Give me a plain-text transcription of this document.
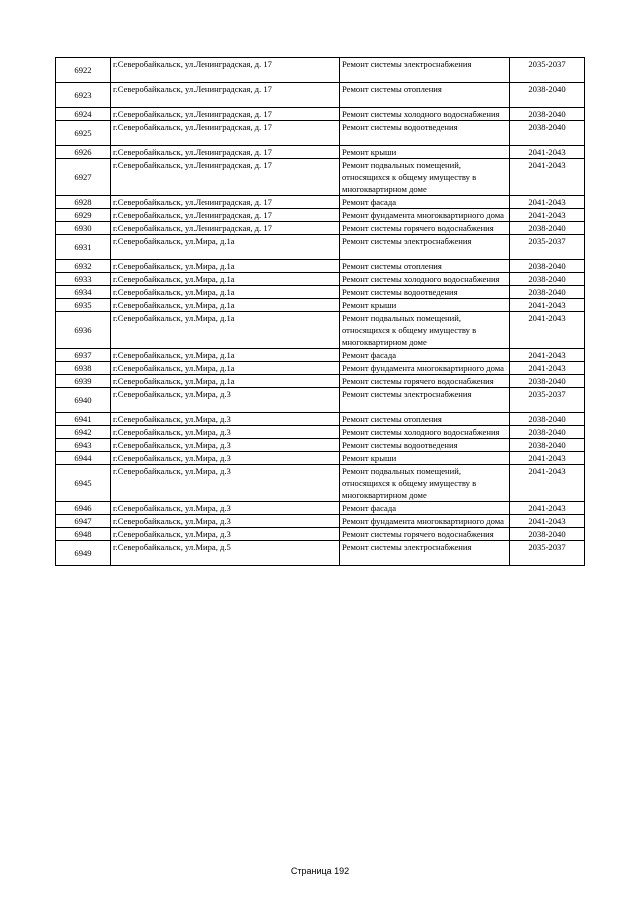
6922	г.Северобайкальск, ул.Ленинградская, д. 17	Ремонт системы электроснабжения	2035-2037
6923	г.Северобайкальск, ул.Ленинградская, д. 17	Ремонт системы отопления	2038-2040
6924	г.Северобайкальск, ул.Ленинградская, д. 17	Ремонт системы холодного водоснабжения	2038-2040
6925	г.Северобайкальск, ул.Ленинградская, д. 17	Ремонт системы водоотведения	2038-2040
6926	г.Северобайкальск, ул.Ленинградская, д. 17	Ремонт крыши	2041-2043
6927	г.Северобайкальск, ул.Ленинградская, д. 17	Ремонт подвальных помещений, относящихся к общему имуществу в многоквартирном доме	2041-2043
6928	г.Северобайкальск, ул.Ленинградская, д. 17	Ремонт фасада	2041-2043
6929	г.Северобайкальск, ул.Ленинградская, д. 17	Ремонт фундамента многоквартирного дома	2041-2043
6930	г.Северобайкальск, ул.Ленинградская, д. 17	Ремонт системы горячего водоснабжения	2038-2040
6931	г.Северобайкальск, ул.Мира, д.1а	Ремонт системы электроснабжения	2035-2037
6932	г.Северобайкальск, ул.Мира, д.1а	Ремонт системы отопления	2038-2040
6933	г.Северобайкальск, ул.Мира, д.1а	Ремонт системы холодного водоснабжения	2038-2040
6934	г.Северобайкальск, ул.Мира, д.1а	Ремонт системы водоотведения	2038-2040
6935	г.Северобайкальск, ул.Мира, д.1а	Ремонт крыши	2041-2043
6936	г.Северобайкальск, ул.Мира, д.1а	Ремонт подвальных помещений, относящихся к общему имуществу в многоквартирном доме	2041-2043
6937	г.Северобайкальск, ул.Мира, д.1а	Ремонт фасада	2041-2043
6938	г.Северобайкальск, ул.Мира, д.1а	Ремонт фундамента многоквартирного дома	2041-2043
6939	г.Северобайкальск, ул.Мира, д.1а	Ремонт системы горячего водоснабжения	2038-2040
6940	г.Северобайкальск, ул.Мира, д.3	Ремонт системы электроснабжения	2035-2037
6941	г.Северобайкальск, ул.Мира, д.3	Ремонт системы отопления	2038-2040
6942	г.Северобайкальск, ул.Мира, д.3	Ремонт системы холодного водоснабжения	2038-2040
6943	г.Северобайкальск, ул.Мира, д.3	Ремонт системы водоотведения	2038-2040
6944	г.Северобайкальск, ул.Мира, д.3	Ремонт крыши	2041-2043
6945	г.Северобайкальск, ул.Мира, д.3	Ремонт подвальных помещений, относящихся к общему имуществу в многоквартирном доме	2041-2043
6946	г.Северобайкальск, ул.Мира, д.3	Ремонт фасада	2041-2043
6947	г.Северобайкальск, ул.Мира, д.3	Ремонт фундамента многоквартирного дома	2041-2043
6948	г.Северобайкальск, ул.Мира, д.3	Ремонт системы горячего водоснабжения	2038-2040
6949	г.Северобайкальск, ул.Мира, д.5	Ремонт системы электроснабжения	2035-2037
Страница 192
